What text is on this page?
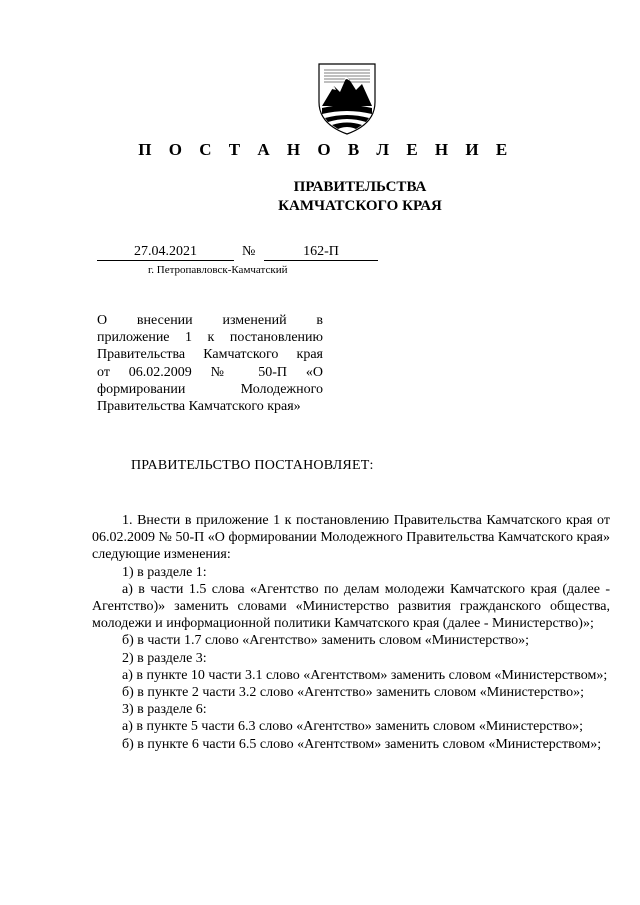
П О С Т А Н О В Л Е Н И Е
ПРАВИТЕЛЬСТВА
КАМЧАТСКОГО КРАЯ
27.04.2021	№	162-П
г. Петропавловск-Камчатский

О внесении изменений в

приложение 1 к постановлению

Правительства Камчатского края

от 06.02.2009 № 50-П «О

формировании Молодежного

Правительства Камчатского края»

ПРАВИТЕЛЬСТВО ПОСТАНОВЛЯЕТ:

1. Внести в приложение 1 к постановлению Правительства Камчатского края от 06.02.2009 № 50-П «О формировании Молодежного Правительства Камчатского края» следующие изменения:

1) в разделе 1:

а) в части 1.5 слова «Агентство по делам молодежи Камчатского края (далее - Агентство)» заменить словами «Министерство развития гражданского общества, молодежи и информационной политики Камчатского края (далее - Министерство)»;

б) в части 1.7 слово «Агентство» заменить словом «Министерство»;

2) в разделе 3:

а) в пункте 10 части 3.1 слово «Агентством» заменить словом «Министерством»;

б) в пункте 2 части 3.2 слово «Агентство» заменить словом «Министерство»;

3) в разделе 6:

а) в пункте 5 части 6.3 слово «Агентство» заменить словом «Министерство»;

б) в пункте 6 части 6.5 слово «Агентством» заменить словом «Министерством»;
